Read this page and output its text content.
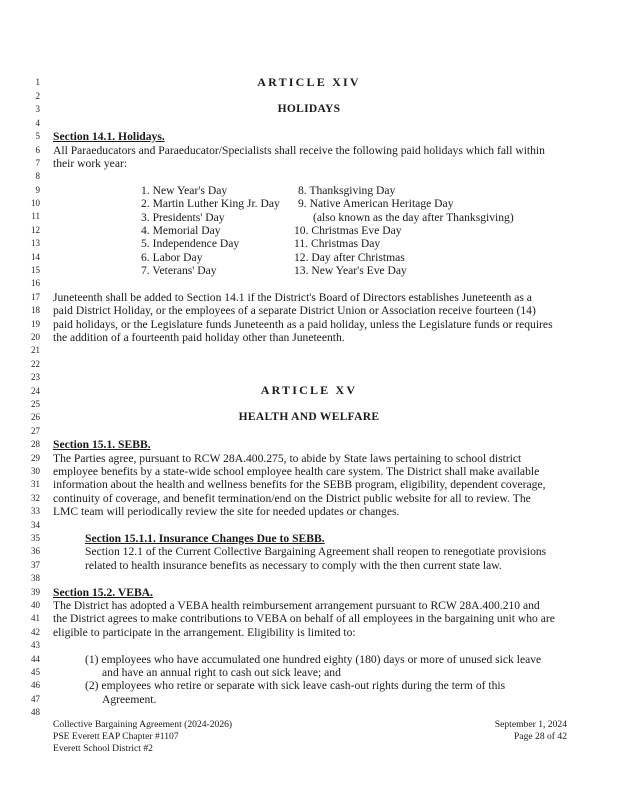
1
2
3
4
5
6
7
8
9
10
11
12
13
14
15
16
17
18
19
20
21
22
23
24
25
26
27
28
29
30
31
32
33
34
35
36
37
38
39
40
41
42
43
44
45
46
47
48
ARTICLE XIV
HOLIDAYS
Section 14.1. Holidays.
All Paraeducators and Paraeducator/Specialists shall receive the following paid holidays which fall within
their work year:
1. New Year's Day
2. Martin Luther King Jr. Day
3. Presidents' Day
4. Memorial Day
5. Independence Day
6. Labor Day
7. Veterans' Day
8. Thanksgiving Day
9. Native American Heritage Day
(also known as the day after Thanksgiving)
10. Christmas Eve Day
11. Christmas Day
12. Day after Christmas
13. New Year's Eve Day
Juneteenth shall be added to Section 14.1 if the District's Board of Directors establishes Juneteenth as a
paid District Holiday, or the employees of a separate District Union or Association receive fourteen (14)
paid holidays, or the Legislature funds Juneteenth as a paid holiday, unless the Legislature funds or requires
the addition of a fourteenth paid holiday other than Juneteenth.
ARTICLE XV
HEALTH AND WELFARE
Section 15.1. SEBB.
The Parties agree, pursuant to RCW 28A.400.275, to abide by State laws pertaining to school district
employee benefits by a state-wide school employee health care system. The District shall make available
information about the health and wellness benefits for the SEBB program, eligibility, dependent coverage,
continuity of coverage, and benefit termination/end on the District public website for all to review. The
LMC team will periodically review the site for needed updates or changes.
Section 15.1.1. Insurance Changes Due to SEBB.
Section 12.1 of the Current Collective Bargaining Agreement shall reopen to renegotiate provisions
related to health insurance benefits as necessary to comply with the then current state law.
Section 15.2. VEBA.
The District has adopted a VEBA health reimbursement arrangement pursuant to RCW 28A.400.210 and
the District agrees to make contributions to VEBA on behalf of all employees in the bargaining unit who are
eligible to participate in the arrangement. Eligibility is limited to:
(1) employees who have accumulated one hundred eighty (180) days or more of unused sick leave
and have an annual right to cash out sick leave; and
(2) employees who retire or separate with sick leave cash-out rights during the term of this
Agreement.
Collective Bargaining Agreement (2024-2026)
PSE Everett EAP Chapter #1107
Everett School District #2
September 1, 2024
Page 28 of 42
